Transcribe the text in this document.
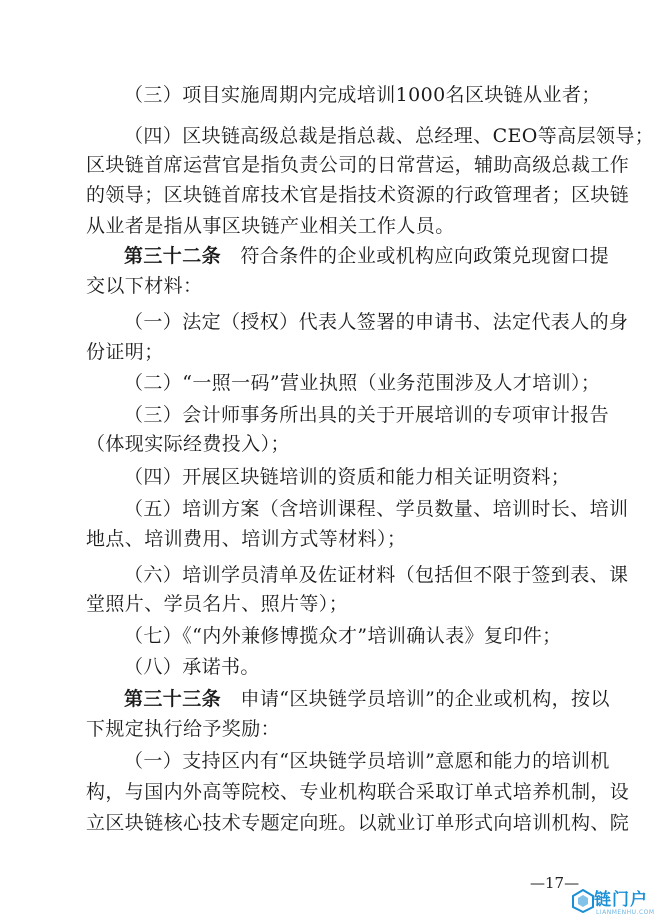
（三）项目实施周期内完成培训1000名区块链从业者；
（四）区块链高级总裁是指总裁、总经理、CEO等高层领导；
区块链首席运营官是指负责公司的日常营运，辅助高级总裁工作
的领导；区块链首席技术官是指技术资源的行政管理者；区块链
从业者是指从事区块链产业相关工作人员。
第三十二条　 符合条件的企业或机构应向政策兑现窗口提
交以下材料：
（一）法定（授权）代表人签署的申请书、法定代表人的身
份证明；
（二）“一照一码”营业执照（业务范围涉及人才培训）；
（三）会计师事务所出具的关于开展培训的专项审计报告
（体现实际经费投入）；
（四）开展区块链培训的资质和能力相关证明资料；
（五）培训方案（含培训课程、学员数量、培训时长、培训
地点、培训费用、培训方式等材料）；
（六）培训学员清单及佐证材料（包括但不限于签到表、课
堂照片、学员名片、照片等）；
（七）《“内外兼修博揽众才”培训确认表》复印件；
（八）承诺书。
第三十三条　 申请“区块链学员培训”的企业或机构，按以
下规定执行给予奖励：
（一）支持区内有“区块链学员培训”意愿和能力的培训机
构，与国内外高等院校、专业机构联合采取订单式培养机制，设
立区块链核心技术专题定向班。以就业订单形式向培训机构、院
—17—
链门户
LIANMENHU.COM
